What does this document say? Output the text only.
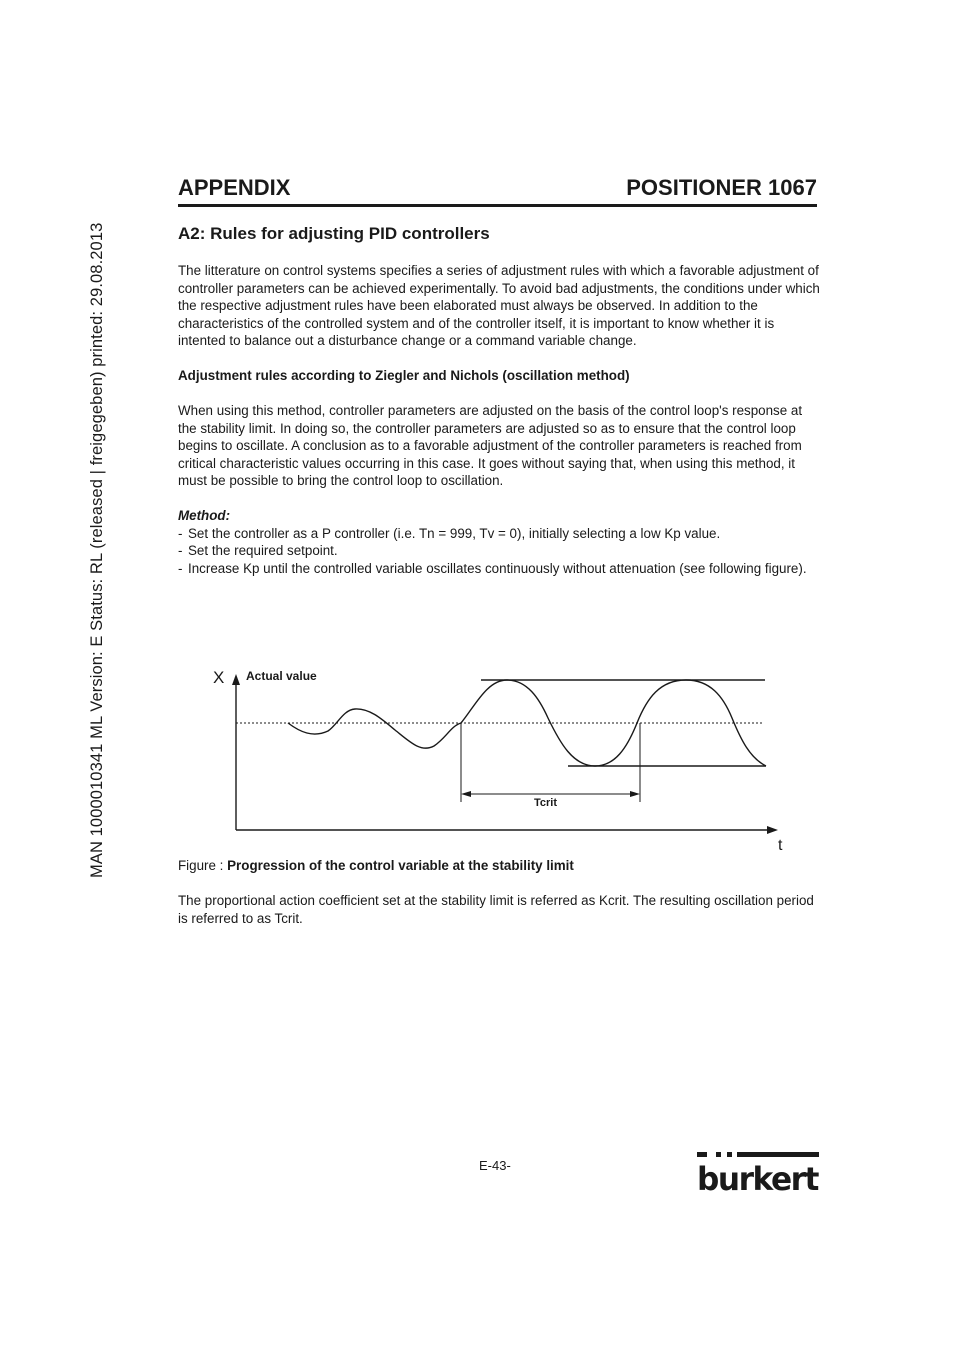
MAN 1000010341 ML Version: E Status: RL (released | freigegeben) printed: 29.08.2013
APPENDIX	POSITIONER 1067
A2: Rules for adjusting PID controllers

The litterature on control systems specifies a series of adjustment rules with which a favorable adjustment of controller parameters can be achieved experimentally. To avoid bad adjustments, the conditions under which the respective adjustment rules have been elaborated must always be observed. In addition to the characteristics of the controlled system and of the controller itself, it is important to know whether it is intented to balance out a disturbance change or a command variable change.

Adjustment rules according to Ziegler and Nichols (oscillation method)

When using this method, controller parameters are adjusted on the basis of the control loop's response at the stability limit. In doing so, the controller parameters are adjusted so as to ensure that the control loop begins to oscillate. A conclusion as to a favorable adjustment of the controller parameters is reached from critical characteristic values occurring in this case. It goes without saying that, when using this method, it must be possible to bring the control loop to oscillation.

Method:
- Set the controller as a P controller (i.e. Tn = 999, Tv = 0), initially selecting a low Kp value.
- Set the required setpoint.
- Increase Kp until the controlled variable oscillates continuously without attenuation (see following figure).
X Actual value
t
Tcrit

Figure : Progression of the control variable at the stability limit

The proportional action coefficient set at the stability limit is referred as Kcrit. The resulting oscillation period is referred to as Tcrit.

E-43-	burkert
